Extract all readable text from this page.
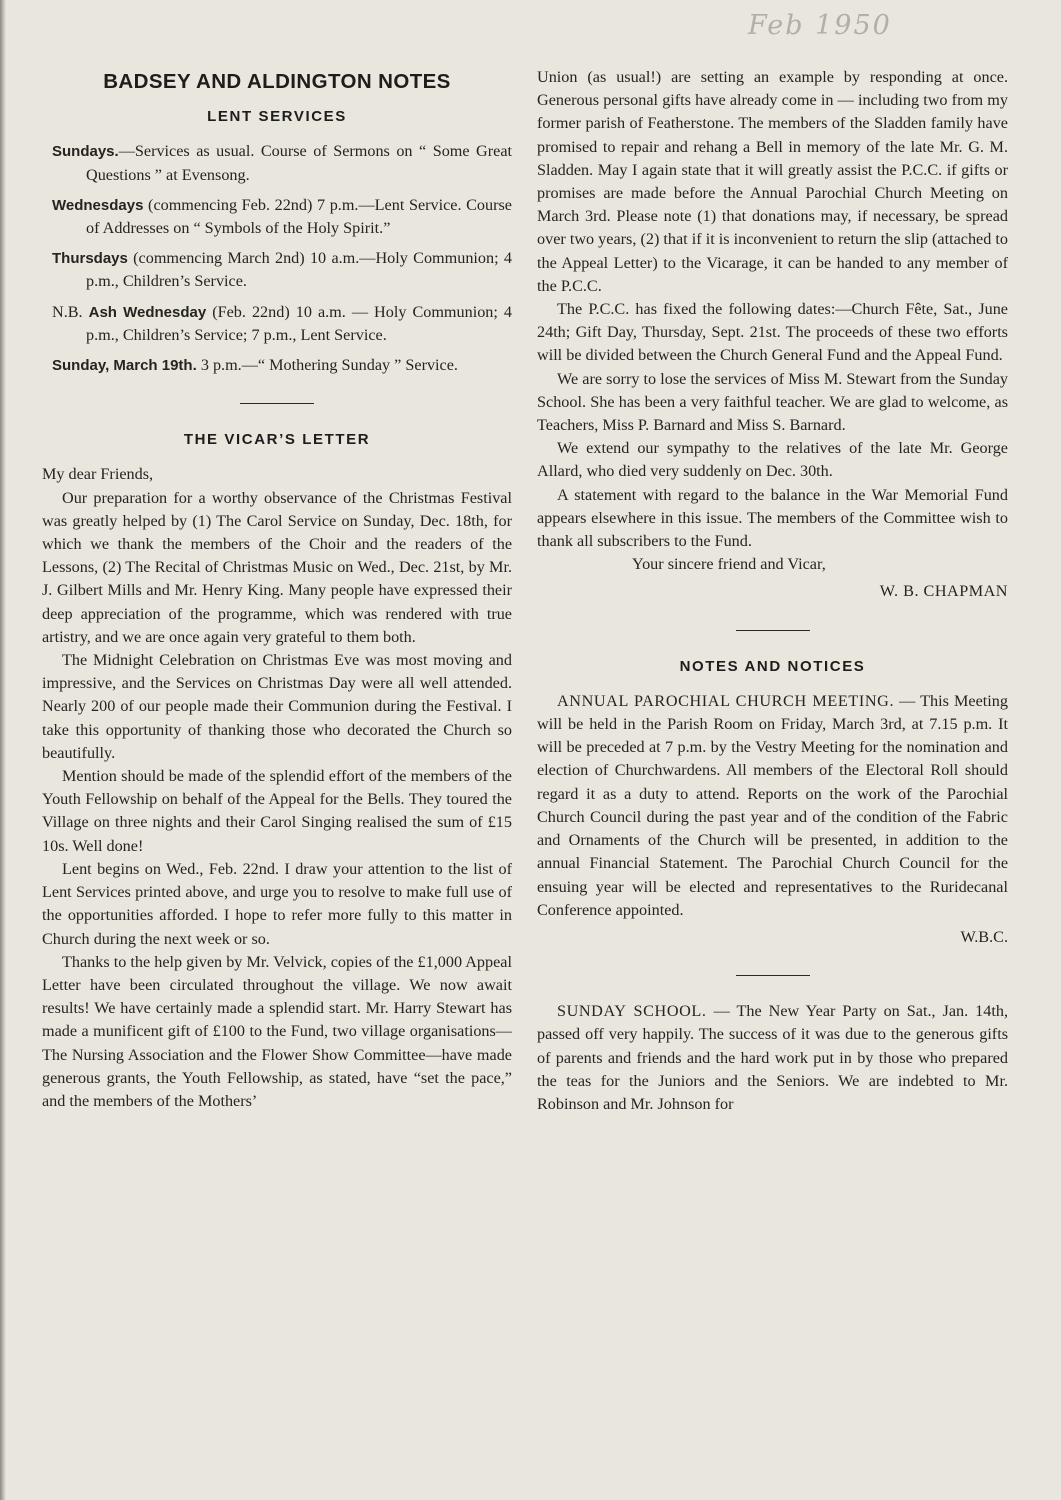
Feb 1950
BADSEY AND ALDINGTON NOTES
LENT SERVICES
Sundays.—Services as usual. Course of Sermons on “ Some Great Questions ” at Evensong.
Wednesdays (commencing Feb. 22nd) 7 p.m.—Lent Service. Course of Addresses on “ Symbols of the Holy Spirit.”
Thursdays (commencing March 2nd) 10 a.m.—Holy Communion; 4 p.m., Children’s Service.
N.B. Ash Wednesday (Feb. 22nd) 10 a.m. — Holy Communion; 4 p.m., Children’s Service; 7 p.m., Lent Service.
Sunday, March 19th. 3 p.m.—“ Mothering Sunday ” Service.
THE VICAR’S LETTER

My dear Friends,

Our preparation for a worthy observance of the Christmas Festival was greatly helped by (1) The Carol Service on Sunday, Dec. 18th, for which we thank the members of the Choir and the readers of the Lessons, (2) The Recital of Christmas Music on Wed., Dec. 21st, by Mr. J. Gilbert Mills and Mr. Henry King. Many people have expressed their deep appreciation of the programme, which was rendered with true artistry, and we are once again very grateful to them both.

The Midnight Celebration on Christmas Eve was most moving and impressive, and the Services on Christmas Day were all well attended. Nearly 200 of our people made their Communion during the Festival. I take this opportunity of thanking those who decorated the Church so beautifully.

Mention should be made of the splendid effort of the members of the Youth Fellowship on behalf of the Appeal for the Bells. They toured the Village on three nights and their Carol Singing realised the sum of £15 10s. Well done!

Lent begins on Wed., Feb. 22nd. I draw your attention to the list of Lent Services printed above, and urge you to resolve to make full use of the opportunities afforded. I hope to refer more fully to this matter in Church during the next week or so.

Thanks to the help given by Mr. Velvick, copies of the £1,000 Appeal Letter have been circulated throughout the village. We now await results! We have certainly made a splendid start. Mr. Harry Stewart has made a munificent gift of £100 to the Fund, two village organisations—The Nursing Association and the Flower Show Committee—have made generous grants, the Youth Fellowship, as stated, have “set the pace,” and the members of the Mothers’

Union (as usual!) are setting an example by responding at once. Generous personal gifts have already come in — including two from my former parish of Featherstone. The members of the Sladden family have promised to repair and rehang a Bell in memory of the late Mr. G. M. Sladden. May I again state that it will greatly assist the P.C.C. if gifts or promises are made before the Annual Parochial Church Meeting on March 3rd. Please note (1) that donations may, if necessary, be spread over two years, (2) that if it is inconvenient to return the slip (attached to the Appeal Letter) to the Vicarage, it can be handed to any member of the P.C.C.

The P.C.C. has fixed the following dates:—Church Fête, Sat., June 24th; Gift Day, Thursday, Sept. 21st. The proceeds of these two efforts will be divided between the Church General Fund and the Appeal Fund.

We are sorry to lose the services of Miss M. Stewart from the Sunday School. She has been a very faithful teacher. We are glad to welcome, as Teachers, Miss P. Barnard and Miss S. Barnard.

We extend our sympathy to the relatives of the late Mr. George Allard, who died very suddenly on Dec. 30th.

A statement with regard to the balance in the War Memorial Fund appears elsewhere in this issue. The members of the Committee wish to thank all subscribers to the Fund.

Your sincere friend and Vicar,

W. B. CHAPMAN
NOTES AND NOTICES

ANNUAL PAROCHIAL CHURCH MEETING. — This Meeting will be held in the Parish Room on Friday, March 3rd, at 7.15 p.m. It will be preceded at 7 p.m. by the Vestry Meeting for the nomination and election of Churchwardens. All members of the Electoral Roll should regard it as a duty to attend. Reports on the work of the Parochial Church Council during the past year and of the condition of the Fabric and Ornaments of the Church will be presented, in addition to the annual Financial Statement. The Parochial Church Council for the ensuing year will be elected and representatives to the Ruridecanal Conference appointed.

W.B.C.

SUNDAY SCHOOL. — The New Year Party on Sat., Jan. 14th, passed off very happily. The success of it was due to the generous gifts of parents and friends and the hard work put in by those who prepared the teas for the Juniors and the Seniors. We are indebted to Mr. Robinson and Mr. Johnson for
